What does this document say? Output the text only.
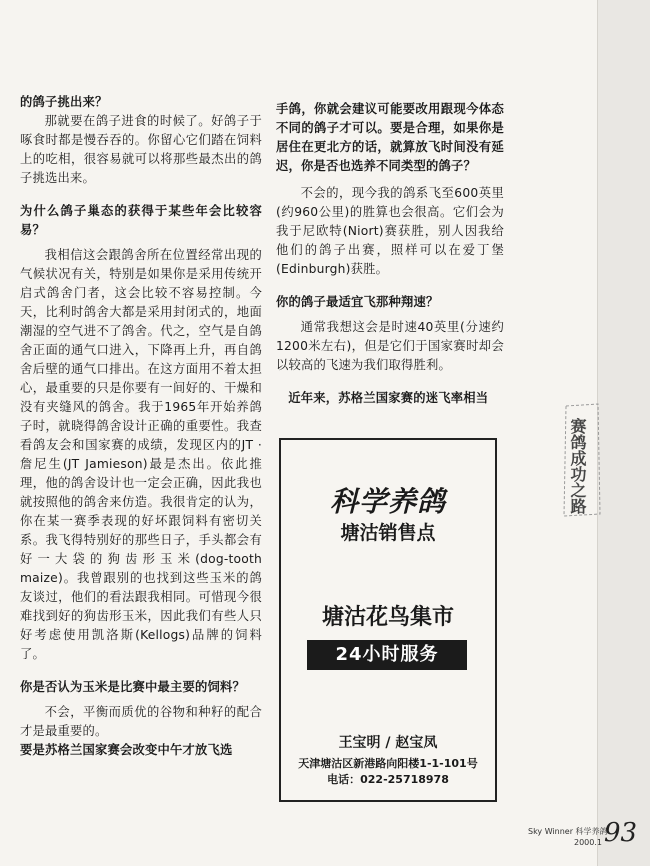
的鸽子挑出来？

那就要在鸽子进食的时候了。好鸽子于啄食时都是慢吞吞的。你留心它们踏在饲料上的吃相，很容易就可以将那些最杰出的鸽子挑选出来。

为什么鸽子巢态的获得于某些年会比较容易？

我相信这会跟鸽舍所在位置经常出现的气候状况有关，特别是如果你是采用传统开启式鸽舍门者，这会比较不容易控制。今天，比利时鸽舍大都是采用封闭式的，地面潮湿的空气进不了鸽舍。代之，空气是自鸽舍正面的通气口进入，下降再上升，再自鸽舍后壁的通气口排出。在这方面用不着太担心，最重要的只是你要有一间好的、干燥和没有夹缝风的鸽舍。我于1965年开始养鸽子时，就晓得鸽舍设计正确的重要性。我查看鸽友会和国家赛的成绩，发现区内的JT · 詹尼生(JT Jamieson)最是杰出。依此推理，他的鸽舍设计也一定会正确，因此我也就按照他的鸽舍来仿造。我很肯定的认为，你在某一赛季表现的好坏跟饲料有密切关系。我飞得特别好的那些日子，手头都会有好一大袋的狗齿形玉米(dog-tooth maize)。我曾跟别的也找到这些玉米的鸽友谈过，他们的看法跟我相同。可惜现今很难找到好的狗齿形玉米，因此我们有些人只好考虑使用凯洛斯(Kellogs)品牌的饲料了。

你是否认为玉米是比赛中最主要的饲料？

不会，平衡而质优的谷物和种籽的配合才是最重要的。

要是苏格兰国家赛会改变中午才放飞选

手鸽，你就会建议可能要改用跟现今体态不同的鸽子才可以。要是合理，如果你是居住在更北方的话，就算放飞时间没有延迟，你是否也选养不同类型的鸽子？

不会的，现今我的鸽系飞至600英里(约960公里)的胜算也会很高。它们会为我于尼欧特(Niort)赛获胜，别人因我给他们的鸽子出赛，照样可以在爱丁堡(Edinburgh)获胜。

你的鸽子最适宜飞那种翔速？

通常我想这会是时速40英里(分速约1200米左右)，但是它们于国家赛时却会以较高的飞速为我们取得胜利。

近年来，苏格兰国家赛的迷飞率相当

科学养鸽
塘沽销售点
塘沽花鸟集市
24小时服务
王宝明 / 赵宝凤
天津塘沽区新港路向阳楼1-1-101号
电话：022-25718978
赛鸽成功之路
Sky Winner 科学养鸽
2000.1 93
